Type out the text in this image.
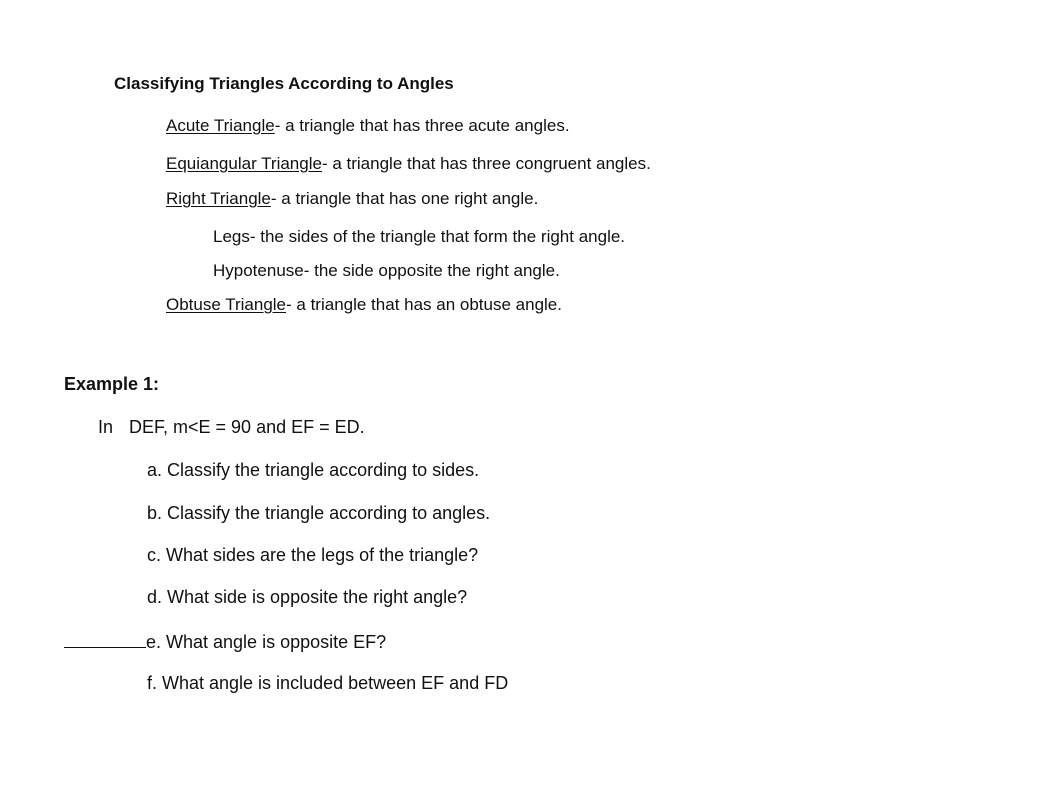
Classifying Triangles According to Angles
Acute Triangle- a triangle that has three acute angles.
Equiangular Triangle- a triangle that has three congruent angles.
Right Triangle- a triangle that has one right angle.
Legs- the sides of the triangle that form the right angle.
Hypotenuse- the side opposite the right angle.
Obtuse Triangle- a triangle that has an obtuse angle.
Example 1:
In DEF, m<E = 90 and EF = ED.
a. Classify the triangle according to sides.
b. Classify the triangle according to angles.
c. What sides are the legs of the triangle?
d. What side is opposite the right angle?
e. What angle is opposite EF?
f. What angle is included between EF and FD
